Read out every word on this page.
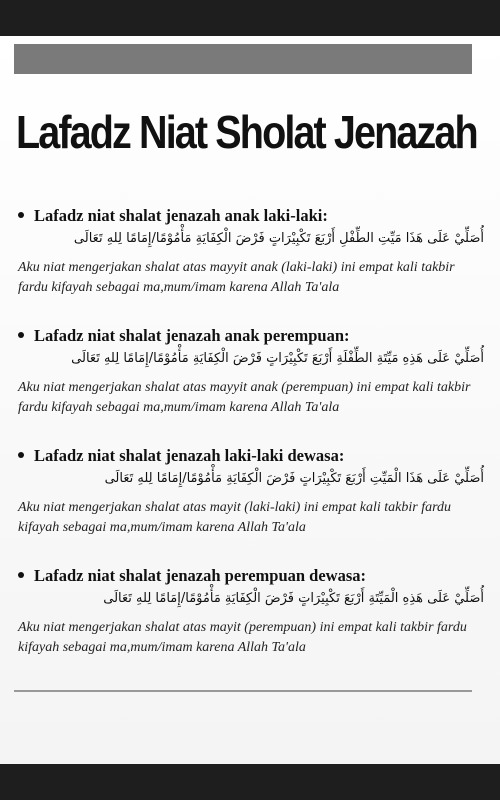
Lafadz Niat Sholat Jenazah
Lafadz niat shalat jenazah anak laki-laki:
أُصَلِّيْ عَلَى هَذَا مَيِّتِ الطِّفْلِ أَرْبَعَ تَكْبِيْرَاتٍ فَرْضَ الْكِفَايَةِ مَأْمُوْمًا/إِمَامًا لِلهِ تَعَالَى
Aku niat mengerjakan shalat atas mayyit anak (laki-laki) ini empat kali takbir fardu kifayah sebagai ma,mum/imam karena Allah Ta'ala
Lafadz niat shalat jenazah anak perempuan:
أُصَلِّيْ عَلَى هَذِهِ مَيِّتَةِ الطِّفْلَةِ أَرْبَعَ تَكْبِيْرَاتٍ فَرْضَ الْكِفَايَةِ مَأْمُوْمًا/إِمَامًا لِلهِ تَعَالَى
Aku niat mengerjakan shalat atas mayyit anak (perempuan) ini empat kali takbir fardu kifayah sebagai ma,mum/imam karena Allah Ta'ala
Lafadz niat shalat jenazah laki-laki dewasa:
أُصَلِّيْ عَلَى هَذَا الْمَيِّتِ أَرْبَعَ تَكْبِيْرَاتٍ فَرْضَ الْكِفَايَةِ مَأْمُوْمًا/إِمَامًا لِلهِ تَعَالَى
Aku niat mengerjakan shalat atas mayit (laki-laki) ini empat kali takbir fardu kifayah sebagai ma,mum/imam karena Allah Ta'ala
Lafadz niat shalat jenazah perempuan dewasa:
أُصَلِّيْ عَلَى هَذِهِ الْمَيِّتَةِ أَرْبَعَ تَكْبِيْرَاتٍ فَرْضَ الْكِفَايَةِ مَأْمُوْمًا/إِمَامًا لِلهِ تَعَالَى
Aku niat mengerjakan shalat atas mayit (perempuan) ini empat kali takbir fardu kifayah sebagai ma,mum/imam karena Allah Ta'ala
